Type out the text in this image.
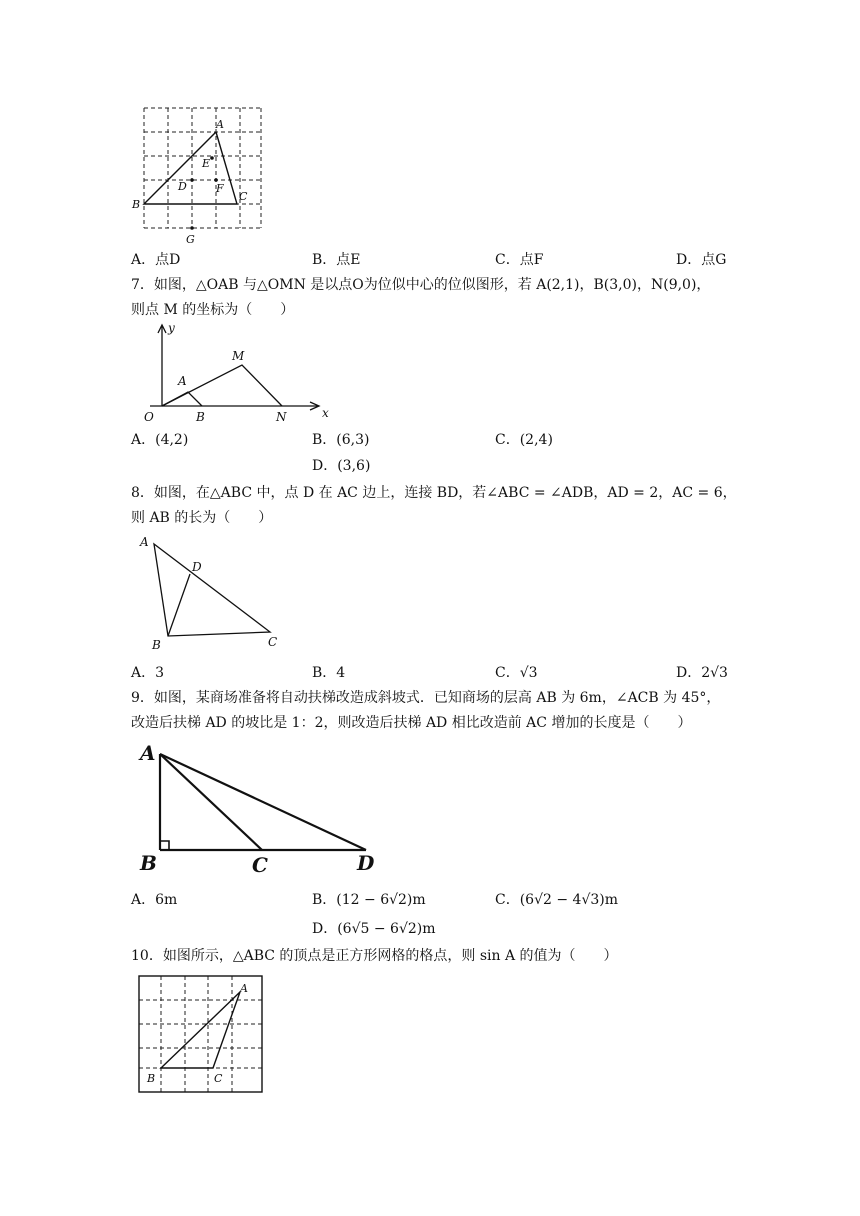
A
B
C
D
E
F
G
A．点D	B．点E	C．点F	D．点G
7．如图，△OAB 与△OMN 是以点O为位似中心的位似图形，若 A(2,1)，B(3,0)，N(9,0)，
则点 M 的坐标为（　　）
y
x
O
A
B
M
N
A．(4,2)	B．(6,3)	C．(2,4)
D．(3,6)
8．如图，在△ABC 中，点 D 在 AC 边上，连接 BD，若∠ABC = ∠ADB，AD = 2，AC = 6，
则 AB 的长为（　　）
A
D
B	C
A．3	B．4	C．√3	D．2√3
9．如图，某商场准备将自动扶梯改造成斜坡式．已知商场的层高 AB 为 6m，∠ACB 为 45°，
改造后扶梯 AD 的坡比是 1：2，则改造后扶梯 AD 相比改造前 AC 增加的长度是（　　）
A
B	C	D
A．6m	B．(12 − 6√2)m	C．(6√2 − 4√3)m
D．(6√5 − 6√2)m
10．如图所示，△ABC 的顶点是正方形网格的格点，则 sin A 的值为（　　）
A
B	C
